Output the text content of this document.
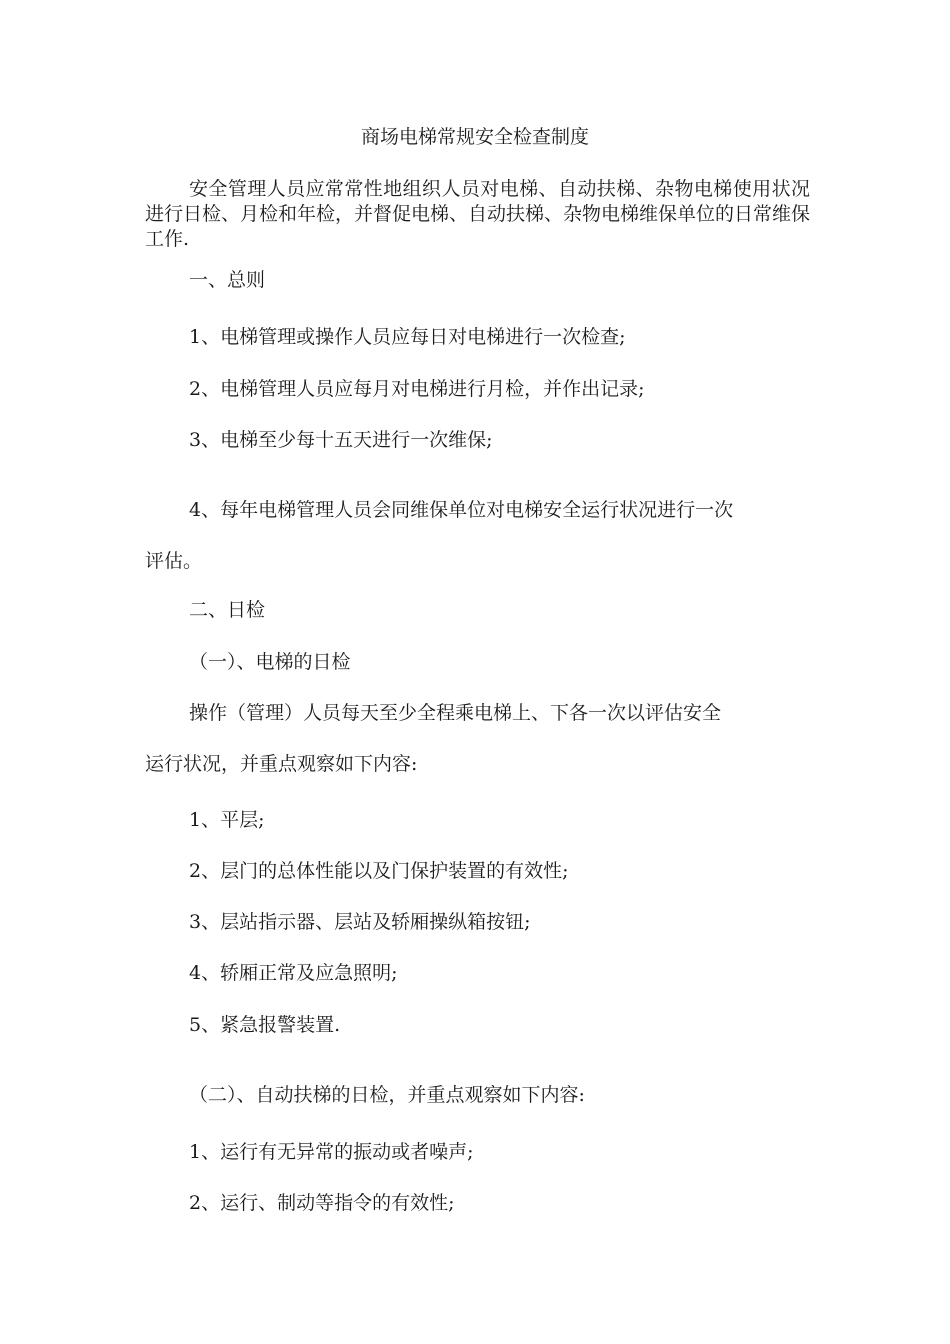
商场电梯常规安全检查制度

安全管理人员应常常性地组织人员对电梯、自动扶梯、杂物电梯使用状况进行日检、月检和年检，并督促电梯、自动扶梯、杂物电梯维保单位的日常维保工作.

一、总则

1、电梯管理或操作人员应每日对电梯进行一次检查;

2、电梯管理人员应每月对电梯进行月检，并作出记录;

3、电梯至少每十五天进行一次维保;

4、每年电梯管理人员会同维保单位对电梯安全运行状况进行一次

评估。

二、日检

（一）、电梯的日检

操作（管理）人员每天至少全程乘电梯上、下各一次以评估安全

运行状况，并重点观察如下内容:

1、平层;

2、层门的总体性能以及门保护装置的有效性;

3、层站指示器、层站及轿厢操纵箱按钮;

4、轿厢正常及应急照明;

5、紧急报警装置.

（二）、自动扶梯的日检，并重点观察如下内容:

1、运行有无异常的振动或者噪声;

2、运行、制动等指令的有效性;
